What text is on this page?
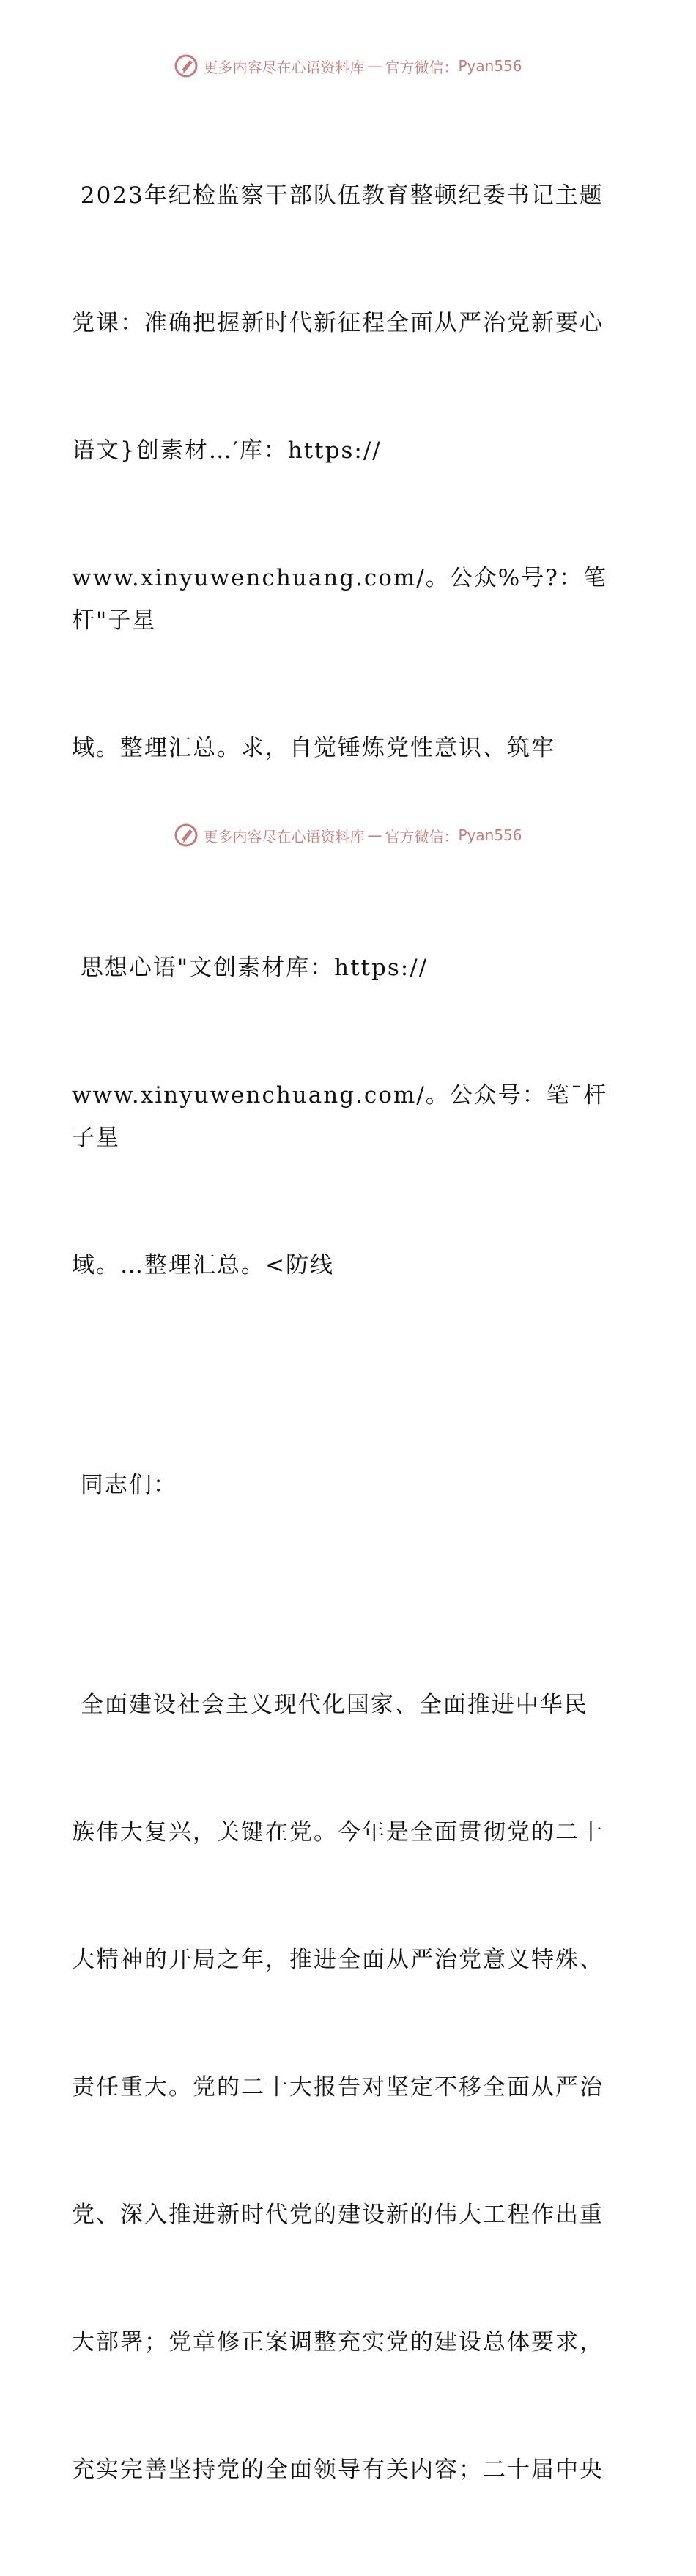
更多内容尽在心语资料库 — 官方微信： Pyan556

2023年纪检监察干部队伍教育整顿纪委书记主题

党课：准确把握新时代新征程全面从严治党新要心

语文}创素材…′库：https://

www.xinyuwenchuang.com/。公众%号?：笔杆"子星

域。整理汇总。求，自觉锤炼党性意识、筑牢

思想心语"文创素材库：https://

www.xinyuwenchuang.com/。公众号：笔¯杆子星

域。…整理汇总。<防线

同志们：

全面建设社会主义现代化国家、全面推进中华民

族伟大复兴，关键在党。今年是全面贯彻党的二十

大精神的开局之年，推进全面从严治党意义特殊、

责任重大。党的二十大报告对坚定不移全面从严治

党、深入推进新时代党的建设新的伟大工程作出重

大部署；党章修正案调整充实党的建设总体要求，

充实完善坚持党的全面领导有关内容；二十届中央

更多内容尽在心语资料库 — 官方微信： Pyan556
